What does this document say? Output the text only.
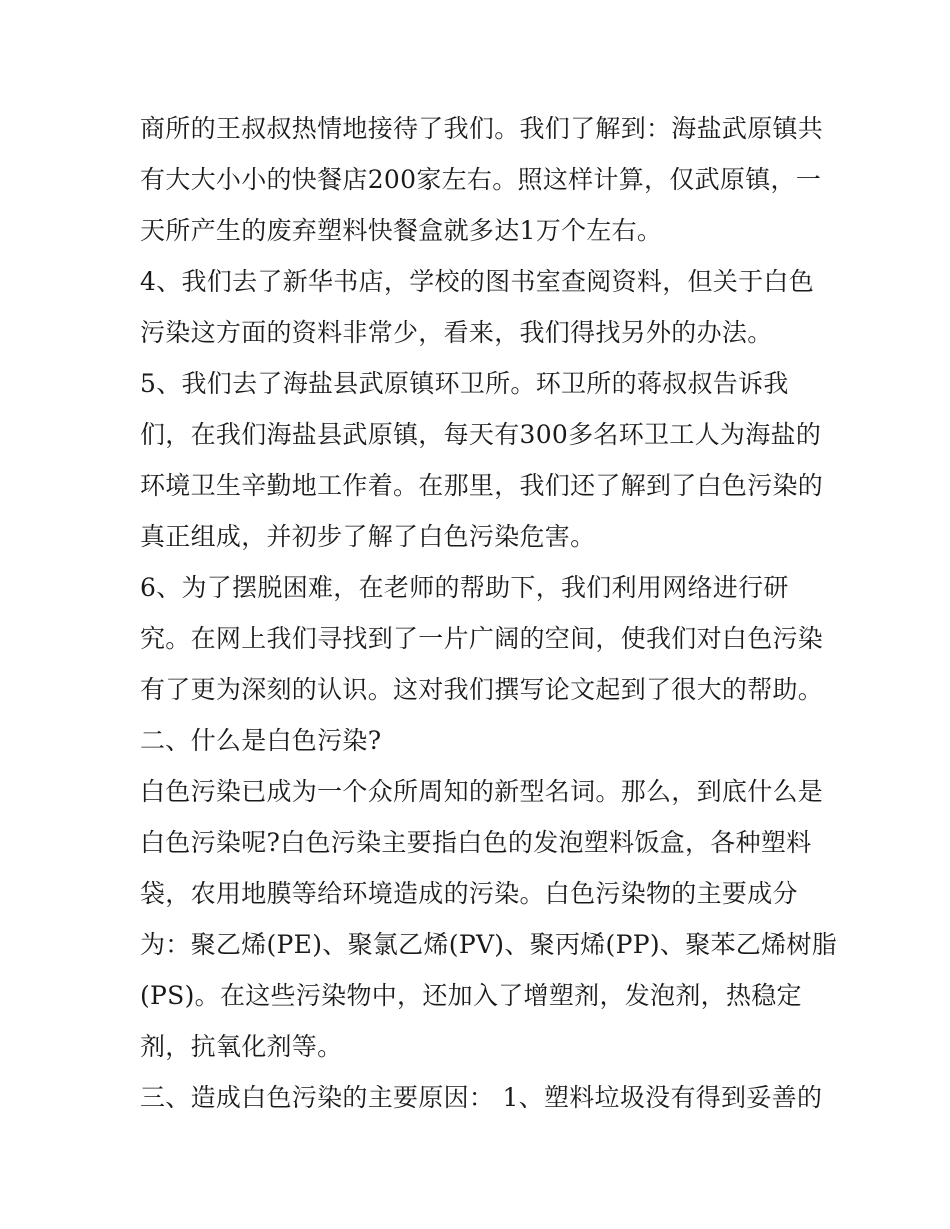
商所的王叔叔热情地接待了我们。我们了解到：海盐武原镇共
有大大小小的快餐店200家左右。照这样计算，仅武原镇，一
天所产生的废弃塑料快餐盒就多达1万个左右。
4、我们去了新华书店，学校的图书室查阅资料，但关于白色
污染这方面的资料非常少，看来，我们得找另外的办法。
5、我们去了海盐县武原镇环卫所。环卫所的蒋叔叔告诉我
们，在我们海盐县武原镇，每天有300多名环卫工人为海盐的
环境卫生辛勤地工作着。在那里，我们还了解到了白色污染的
真正组成，并初步了解了白色污染危害。
6、为了摆脱困难，在老师的帮助下，我们利用网络进行研
究。在网上我们寻找到了一片广阔的空间，使我们对白色污染
有了更为深刻的认识。这对我们撰写论文起到了很大的帮助。
二、什么是白色污染?
白色污染已成为一个众所周知的新型名词。那么，到底什么是
白色污染呢?白色污染主要指白色的发泡塑料饭盒，各种塑料
袋，农用地膜等给环境造成的污染。白色污染物的主要成分
为：聚乙烯(PE)、聚氯乙烯(PV)、聚丙烯(PP)、聚苯乙烯树脂
(PS)。在这些污染物中，还加入了增塑剂，发泡剂，热稳定
剂，抗氧化剂等。
三、造成白色污染的主要原因： 1、塑料垃圾没有得到妥善的
